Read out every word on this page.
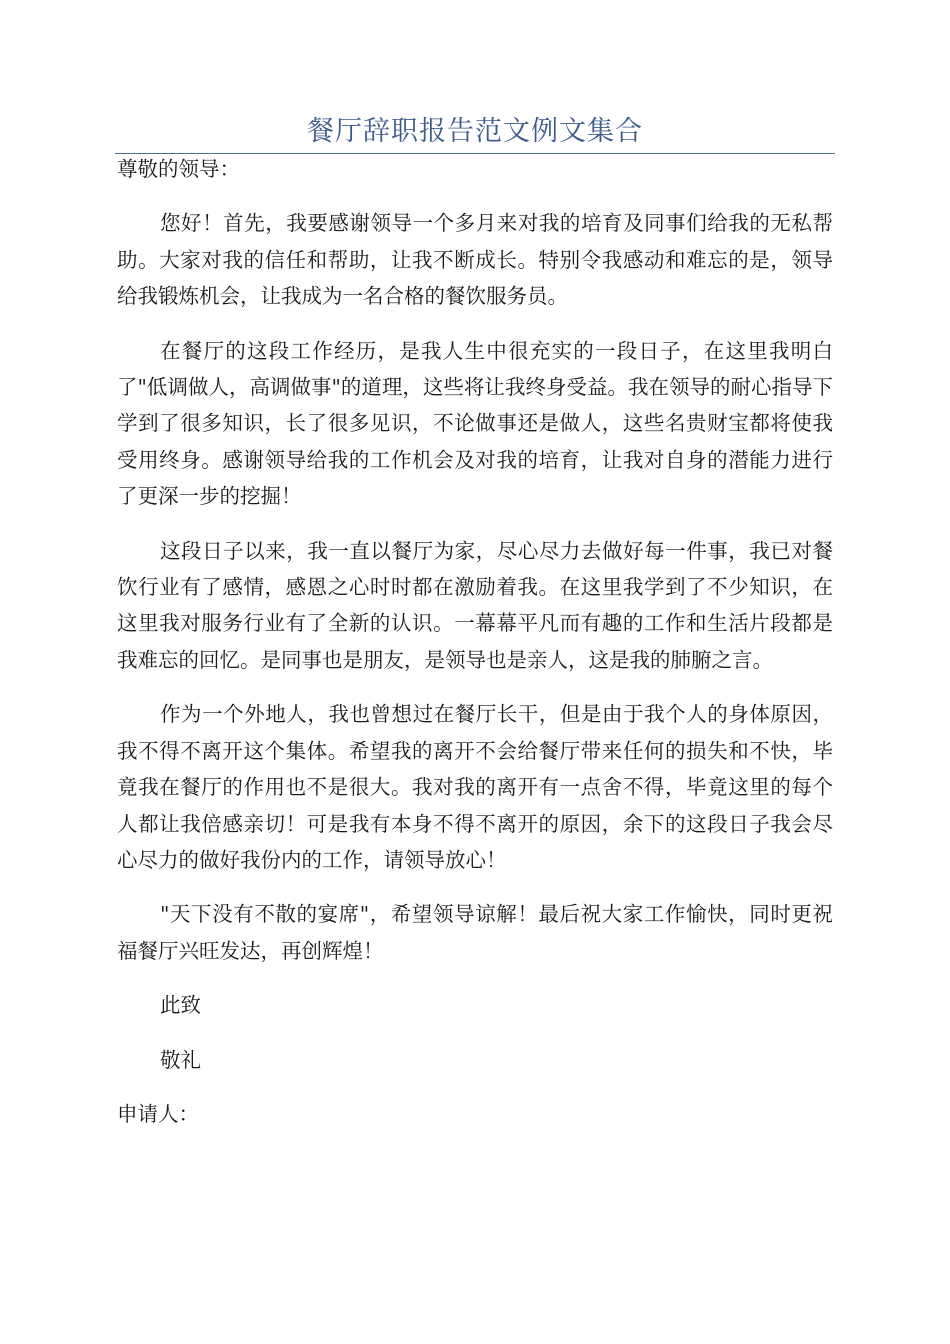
餐厅辞职报告范文例文集合

尊敬的领导：

您好！首先，我要感谢领导一个多月来对我的培育及同事们给我的无私帮助。大家对我的信任和帮助，让我不断成长。特别令我感动和难忘的是，领导给我锻炼机会，让我成为一名合格的餐饮服务员。

在餐厅的这段工作经历，是我人生中很充实的一段日子，在这里我明白了"低调做人，高调做事"的道理，这些将让我终身受益。我在领导的耐心指导下学到了很多知识，长了很多见识，不论做事还是做人，这些名贵财宝都将使我受用终身。感谢领导给我的工作机会及对我的培育，让我对自身的潜能力进行了更深一步的挖掘！

这段日子以来，我一直以餐厅为家，尽心尽力去做好每一件事，我已对餐饮行业有了感情，感恩之心时时都在激励着我。在这里我学到了不少知识，在这里我对服务行业有了全新的认识。一幕幕平凡而有趣的工作和生活片段都是我难忘的回忆。是同事也是朋友，是领导也是亲人，这是我的肺腑之言。

作为一个外地人，我也曾想过在餐厅长干，但是由于我个人的身体原因，我不得不离开这个集体。希望我的离开不会给餐厅带来任何的损失和不快，毕竟我在餐厅的作用也不是很大。我对我的离开有一点舍不得，毕竟这里的每个人都让我倍感亲切！可是我有本身不得不离开的原因，余下的这段日子我会尽心尽力的做好我份内的工作，请领导放心！

"天下没有不散的宴席"，希望领导谅解！最后祝大家工作愉快，同时更祝福餐厅兴旺发达，再创辉煌！

此致

敬礼

申请人：
